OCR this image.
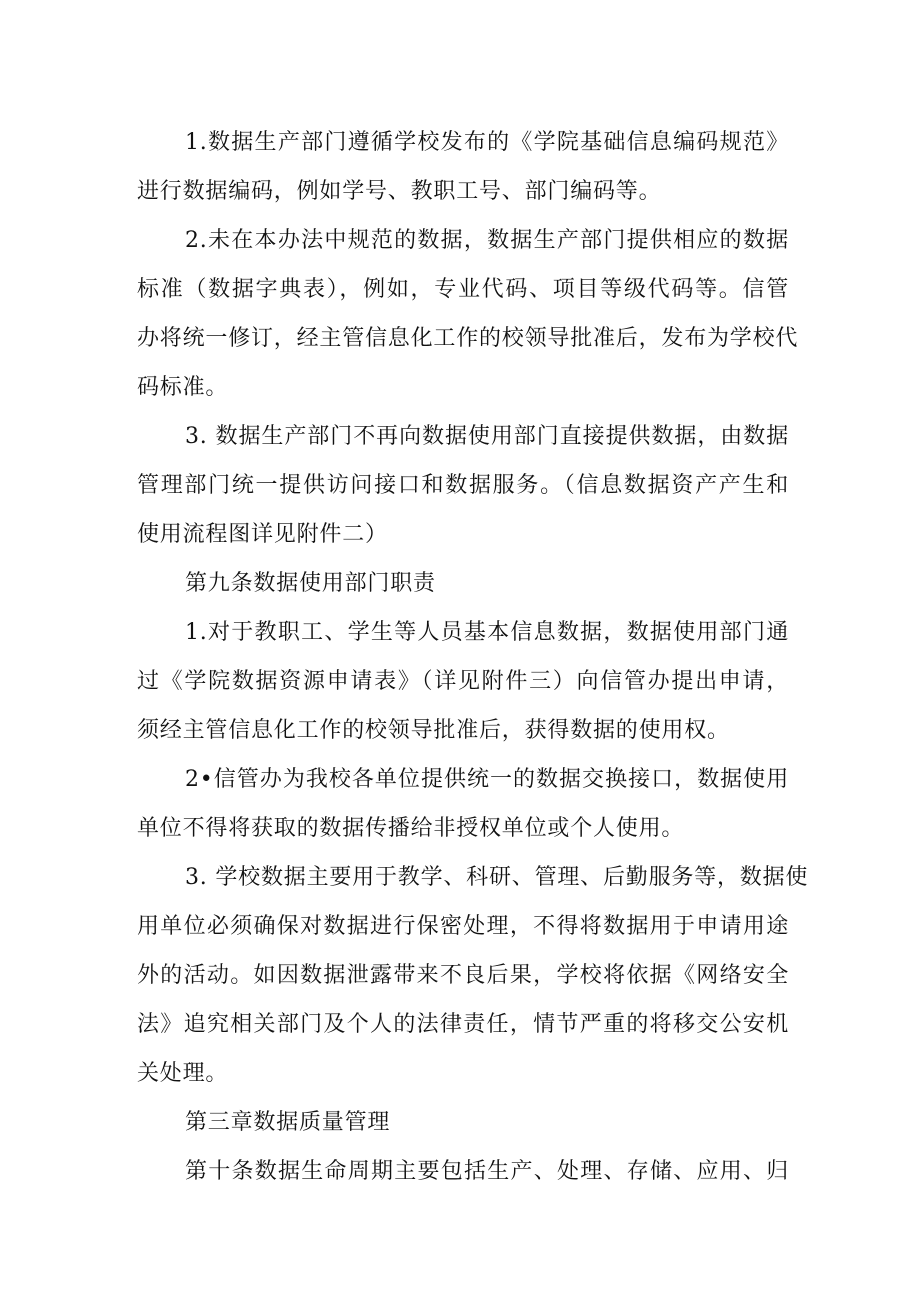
1.数据生产部门遵循学校发布的《学院基础信息编码规范》
进行数据编码，例如学号、教职工号、部门编码等。
2.未在本办法中规范的数据，数据生产部门提供相应的数据
标准（数据字典表），例如，专业代码、项目等级代码等。信管
办将统一修订，经主管信息化工作的校领导批准后，发布为学校代
码标准。
3. 数据生产部门不再向数据使用部门直接提供数据，由数据
管理部门统一提供访问接口和数据服务。（信息数据资产产生和
使用流程图详见附件二）
第九条数据使用部门职责
1.对于教职工、学生等人员基本信息数据，数据使用部门通
过《学院数据资源申请表》（详见附件三）向信管办提出申请，
须经主管信息化工作的校领导批准后，获得数据的使用权。
2•信管办为我校各单位提供统一的数据交换接口，数据使用
单位不得将获取的数据传播给非授权单位或个人使用。
3. 学校数据主要用于教学、科研、管理、后勤服务等，数据使
用单位必须确保对数据进行保密处理，不得将数据用于申请用途
外的活动。如因数据泄露带来不良后果，学校将依据《网络安全
法》追究相关部门及个人的法律责任，情节严重的将移交公安机
关处理。
第三章数据质量管理
第十条数据生命周期主要包括生产、处理、存储、应用、归
